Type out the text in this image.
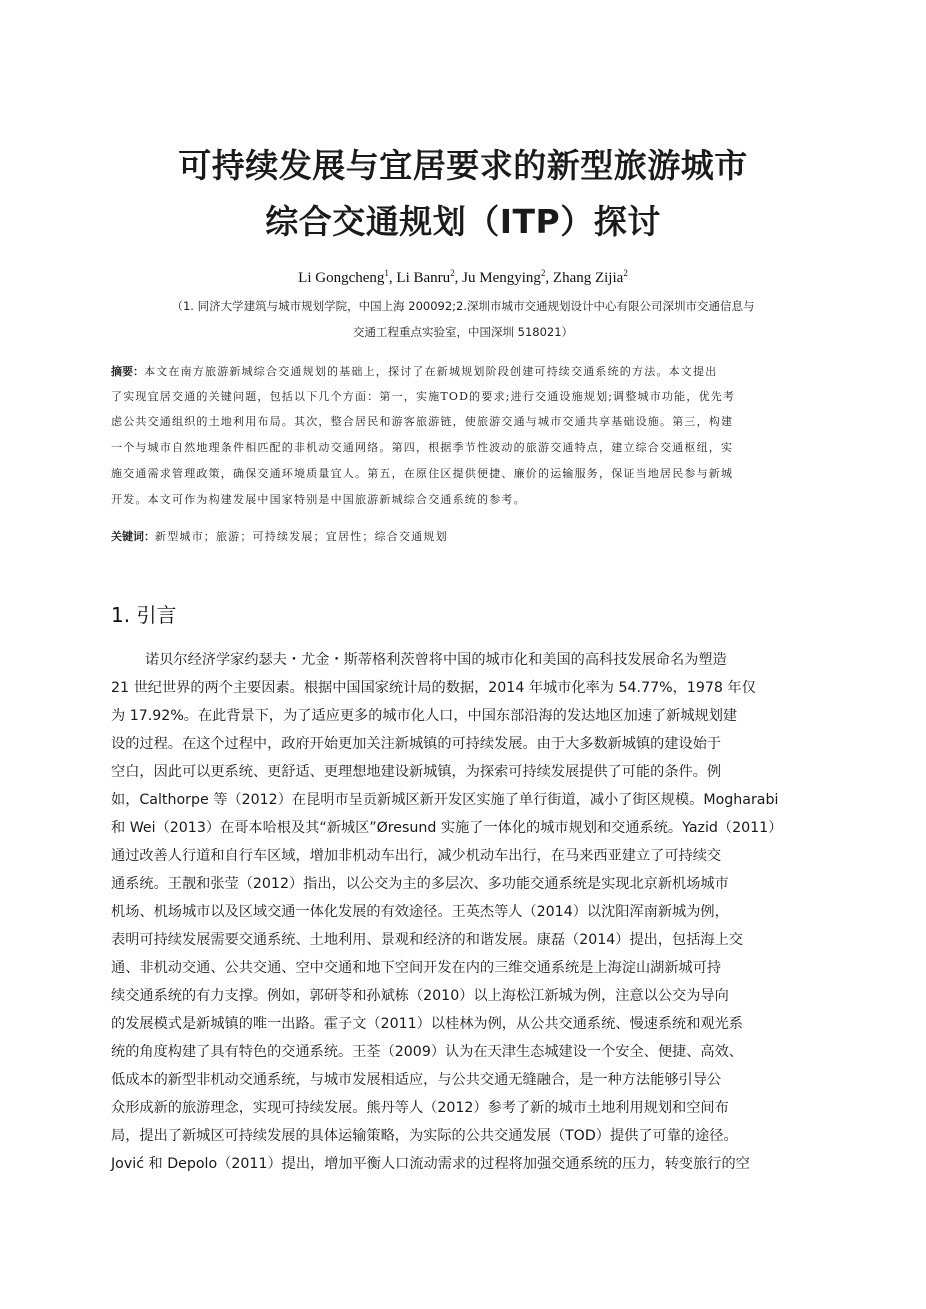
可持续发展与宜居要求的新型旅游城市
综合交通规划（ITP）探讨
Li Gongcheng$^1$, Li Banru$^2$, Ju Mengying$^2$, Zhang Zijia$^2$
（1. 同济大学建筑与城市规划学院，中国上海 200092;2.深圳市城市交通规划设计中心有限公司深圳市交通信息与
交通工程重点实验室，中国深圳 518021）
摘要：本文在南方旅游新城综合交通规划的基础上，探讨了在新城规划阶段创建可持续交通系统的方法。本文提出
了实现宜居交通的关键问题，包括以下几个方面：第一，实施TOD的要求;进行交通设施规划;调整城市功能，优先考
虑公共交通组织的土地利用布局。其次，整合居民和游客旅游链，使旅游交通与城市交通共享基础设施。第三，构建
一个与城市自然地理条件相匹配的非机动交通网络。第四，根据季节性波动的旅游交通特点，建立综合交通枢纽，实
施交通需求管理政策，确保交通环境质量宜人。第五，在原住区提供便捷、廉价的运输服务，保证当地居民参与新城
开发。本文可作为构建发展中国家特别是中国旅游新城综合交通系统的参考。
关键词：新型城市；旅游；可持续发展；宜居性；综合交通规划
1. 引言
诺贝尔经济学家约瑟夫・尤金・斯蒂格利茨曾将中国的城市化和美国的高科技发展命名为塑造
21 世纪世界的两个主要因素。根据中国国家统计局的数据，2014 年城市化率为 54.77%，1978 年仅
为 17.92%。在此背景下，为了适应更多的城市化人口，中国东部沿海的发达地区加速了新城规划建
设的过程。在这个过程中，政府开始更加关注新城镇的可持续发展。由于大多数新城镇的建设始于
空白，因此可以更系统、更舒适、更理想地建设新城镇，为探索可持续发展提供了可能的条件。例
如，Calthorpe 等（2012）在昆明市呈贡新城区新开发区实施了单行街道，减小了街区规模。Mogharabi
和 Wei（2013）在哥本哈根及其“新城区”Øresund 实施了一体化的城市规划和交通系统。Yazid（2011）
通过改善人行道和自行车区域，增加非机动车出行，减少机动车出行，在马来西亚建立了可持续交
通系统。王靓和张莹（2012）指出，以公交为主的多层次、多功能交通系统是实现北京新机场城市
机场、机场城市以及区域交通一体化发展的有效途径。王英杰等人（2014）以沈阳浑南新城为例，
表明可持续发展需要交通系统、土地利用、景观和经济的和谐发展。康磊（2014）提出，包括海上交
通、非机动交通、公共交通、空中交通和地下空间开发在内的三维交通系统是上海淀山湖新城可持
续交通系统的有力支撑。例如，郭研苓和孙斌栋（2010）以上海松江新城为例，注意以公交为导向
的发展模式是新城镇的唯一出路。霍子文（2011）以桂林为例，从公共交通系统、慢速系统和观光系
统的角度构建了具有特色的交通系统。王荃（2009）认为在天津生态城建设一个安全、便捷、高效、
低成本的新型非机动交通系统，与城市发展相适应，与公共交通无缝融合，是一种方法能够引导公
众形成新的旅游理念，实现可持续发展。熊丹等人（2012）参考了新的城市土地利用规划和空间布
局，提出了新城区可持续发展的具体运输策略，为实际的公共交通发展（TOD）提供了可靠的途径。
Jović 和 Depolo（2011）提出，增加平衡人口流动需求的过程将加强交通系统的压力，转变旅行的空
